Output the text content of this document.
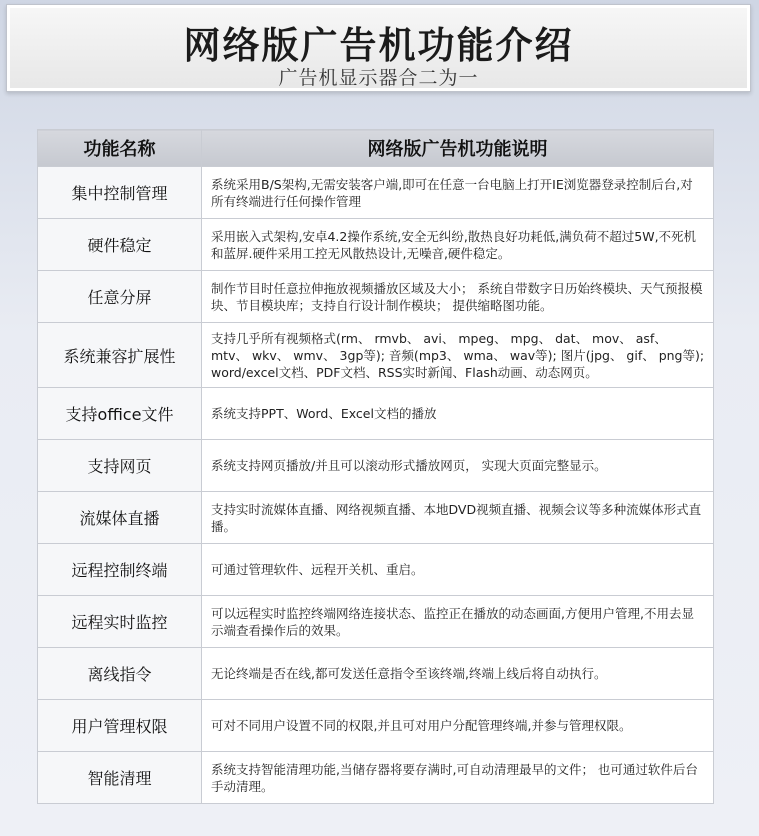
网络版广告机功能介绍
广告机显示器合二为一
功能名称	网络版广告机功能说明
集中控制管理	系统采用B/S架构,无需安装客户端,即可在任意一台电脑上打开IE浏览器登录控制后台,对所有终端进行任何操作管理
硬件稳定	采用嵌入式架构,安卓4.2操作系统,安全无纠纷,散热良好功耗低,满负荷不超过5W,不死机和蓝屏.硬件采用工控无风散热设计,无噪音,硬件稳定。
任意分屏	制作节目时任意拉伸拖放视频播放区域及大小； 系统自带数字日历始终模块、天气预报模块、节目模块库；支持自行设计制作模块； 提供缩略图功能。
系统兼容扩展性	支持几乎所有视频格式(rm、 rmvb、 avi、 mpeg、 mpg、 dat、 mov、 asf、 mtv、 wkv、 wmv、 3gp等); 音频(mp3、 wma、 wav等); 图片(jpg、 gif、 png等); word/excel文档、PDF文档、RSS实时新闻、Flash动画、动态网页。
支持office文件	系统支持PPT、Word、Excel文档的播放
支持网页	系统支持网页播放/并且可以滚动形式播放网页， 实现大页面完整显示。
流媒体直播	支持实时流媒体直播、网络视频直播、本地DVD视频直播、视频会议等多种流媒体形式直播。
远程控制终端	可通过管理软件、远程开关机、重启。
远程实时监控	可以远程实时监控终端网络连接状态、监控正在播放的动态画面,方便用户管理,不用去显示端查看操作后的效果。
离线指令	无论终端是否在线,都可发送任意指令至该终端,终端上线后将自动执行。
用户管理权限	可对不同用户设置不同的权限,并且可对用户分配管理终端,并参与管理权限。
智能清理	系统支持智能清理功能,当储存器将要存满时,可自动清理最早的文件； 也可通过软件后台手动清理。
